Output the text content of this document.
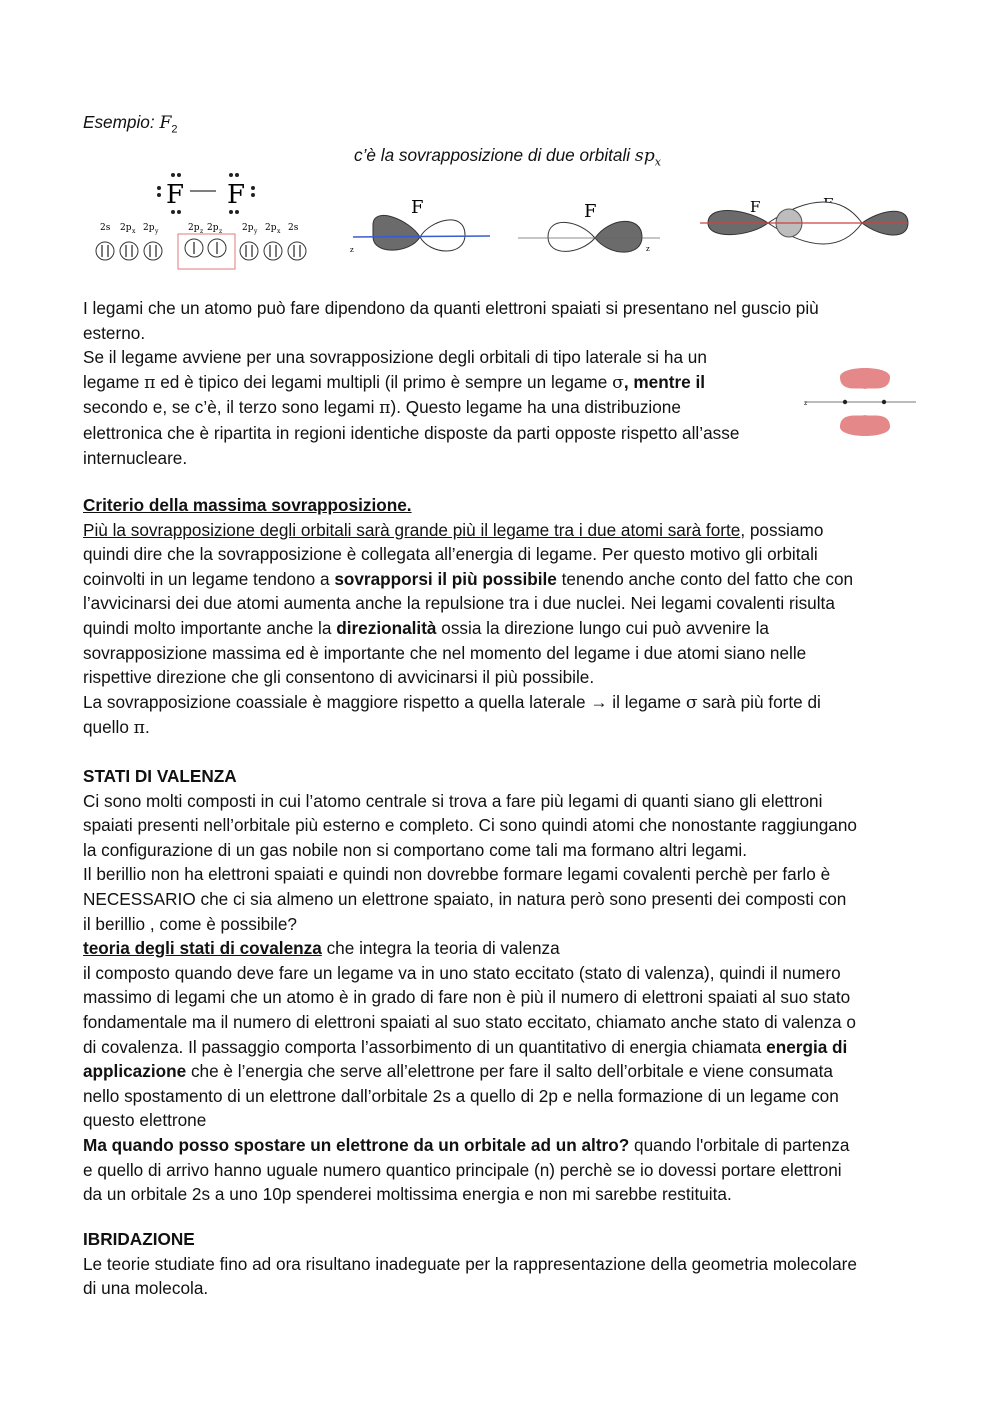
Esempio: $F_2$
c’è la sovrapposizione di due orbitali $sp_x$
F F
2s 2p x 2p y	2p z 2p z 2p y 2p x 2s
F
z
F
z
F

I legami che un atomo può fare dipendono da quanti elettroni spaiati si presentano nel guscio più

esterno.

Se il legame avviene per una sovrapposizione degli orbitali di tipo laterale si ha un

legame π ed è tipico dei legami multipli (il primo è sempre un legame σ, mentre il

secondo e, se c’è, il terzo sono legami π). Questo legame ha una distribuzione

elettronica che è ripartita in regioni identiche disposte da parti opposte rispetto all’asse

internucleare.

z

Criterio della massima sovrapposizione.

Più la sovrapposizione degli orbitali sarà grande più il legame tra i due atomi sarà forte, possiamo

quindi dire che la sovrapposizione è collegata all’energia di legame. Per questo motivo gli orbitali

coinvolti in un legame tendono a sovrapporsi il più possibile tenendo anche conto del fatto che con

l’avvicinarsi dei due atomi aumenta anche la repulsione tra i due nuclei. Nei legami covalenti risulta

quindi molto importante anche la direzionalità ossia la direzione lungo cui può avvenire la

sovrapposizione massima ed è importante che nel momento del legame i due atomi siano nelle

rispettive direzione che gli consentono di avvicinarsi il più possibile.

La sovrapposizione coassiale è maggiore rispetto a quella laterale → il legame σ sarà più forte di

quello π.

STATI DI VALENZA

Ci sono molti composti in cui l’atomo centrale si trova a fare più legami di quanti siano gli elettroni

spaiati presenti nell’orbitale più esterno e completo. Ci sono quindi atomi che nonostante raggiungano

la configurazione di un gas nobile non si comportano come tali ma formano altri legami.

Il berillio non ha elettroni spaiati e quindi non dovrebbe formare legami covalenti perchè per farlo è

NECESSARIO che ci sia almeno un elettrone spaiato, in natura però sono presenti dei composti con

il berillio , come è possibile?

teoria degli stati di covalenza che integra la teoria di valenza

il composto quando deve fare un legame va in uno stato eccitato (stato di valenza), quindi il numero

massimo di legami che un atomo è in grado di fare non è più il numero di elettroni spaiati al suo stato

fondamentale ma il numero di elettroni spaiati al suo stato eccitato, chiamato anche stato di valenza o

di covalenza. Il passaggio comporta l’assorbimento di un quantitativo di energia chiamata energia di

applicazione che è l’energia che serve all’elettrone per fare il salto dell’orbitale e viene consumata

nello spostamento di un elettrone dall’orbitale 2s a quello di 2p e nella formazione di un legame con

questo elettrone

Ma quando posso spostare un elettrone da un orbitale ad un altro? quando l'orbitale di partenza

e quello di arrivo hanno uguale numero quantico principale (n) perchè se io dovessi portare elettroni

da un orbitale 2s a uno 10p spenderei moltissima energia e non mi sarebbe restituita.

IBRIDAZIONE

Le teorie studiate fino ad ora risultano inadeguate per la rappresentazione della geometria molecolare

di una molecola.
